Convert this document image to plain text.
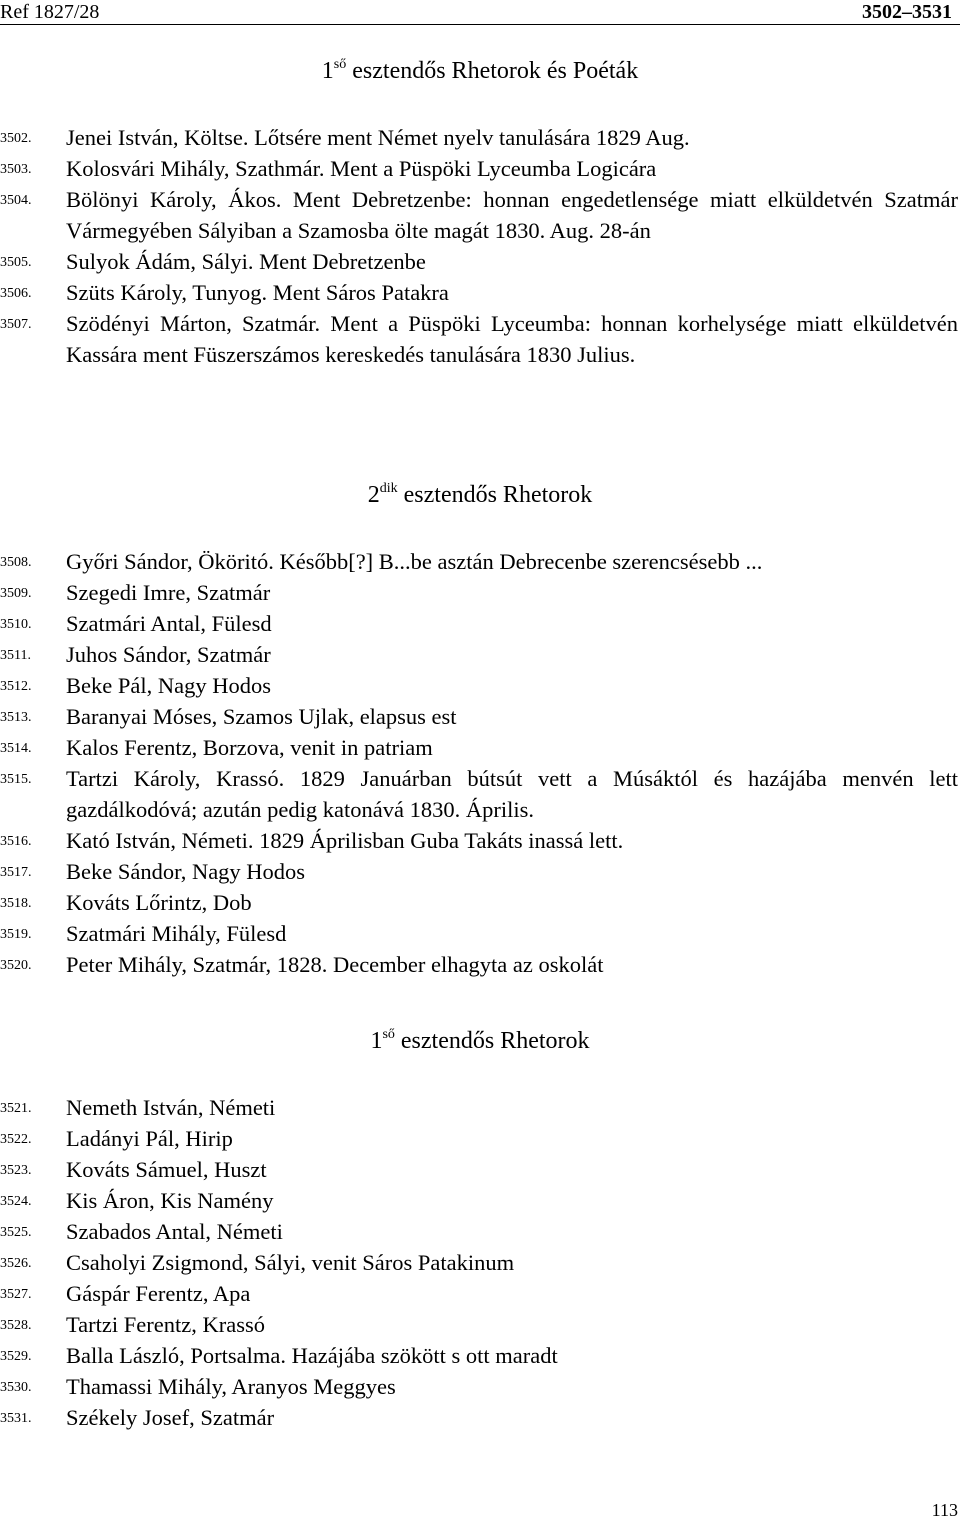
Ref 1827/28	3502–3531
$1^{ső}$ esztendős Rhetorok és Poéták
3502.	Jenei István, Költse. Lőtsére ment Német nyelv tanulására 1829 Aug.
3503.	Kolosvári Mihály, Szathmár. Ment a Püspöki Lyceumba Logicára
3504.	Bölönyi Károly, Ákos. Ment Debretzenbe: honnan engedetlensége miatt elküldetvén Szatmár Vármegyében Sályiban a Szamosba ölte magát 1830. Aug. 28-án
3505.	Sulyok Ádám, Sályi. Ment Debretzenbe
3506.	Szüts Károly, Tunyog. Ment Sáros Patakra
3507.	Szödényi Márton, Szatmár. Ment a Püspöki Lyceumba: honnan korhelysége miatt elküldetvén Kassára ment Füszerszámos kereskedés tanulására 1830 Julius.
$2^{dik}$ esztendős Rhetorok
3508.	Győri Sándor, Ököritó. Később[?] B...be asztán Debrecenbe szerencsésebb ...
3509.	Szegedi Imre, Szatmár
3510.	Szatmári Antal, Fülesd
3511.	Juhos Sándor, Szatmár
3512.	Beke Pál, Nagy Hodos
3513.	Baranyai Móses, Szamos Ujlak, elapsus est
3514.	Kalos Ferentz, Borzova, venit in patriam
3515.	Tartzi Károly, Krassó. 1829 Januárban bútsút vett a Músáktól és hazájába menvén lett gazdálkodóvá; azután pedig katonává 1830. Április.
3516.	Kató István, Németi. 1829 Áprilisban Guba Takáts inassá lett.
3517.	Beke Sándor, Nagy Hodos
3518.	Kováts Lőrintz, Dob
3519.	Szatmári Mihály, Fülesd
3520.	Peter Mihály, Szatmár, 1828. December elhagyta az oskolát
$1^{ső}$ esztendős Rhetorok
3521.	Nemeth István, Németi
3522.	Ladányi Pál, Hirip
3523.	Kováts Sámuel, Huszt
3524.	Kis Áron, Kis Namény
3525.	Szabados Antal, Németi
3526.	Csaholyi Zsigmond, Sályi, venit Sáros Patakinum
3527.	Gáspár Ferentz, Apa
3528.	Tartzi Ferentz, Krassó
3529.	Balla László, Portsalma. Hazájába szökött s ott maradt
3530.	Thamassi Mihály, Aranyos Meggyes
3531.	Székely Josef, Szatmár
113
